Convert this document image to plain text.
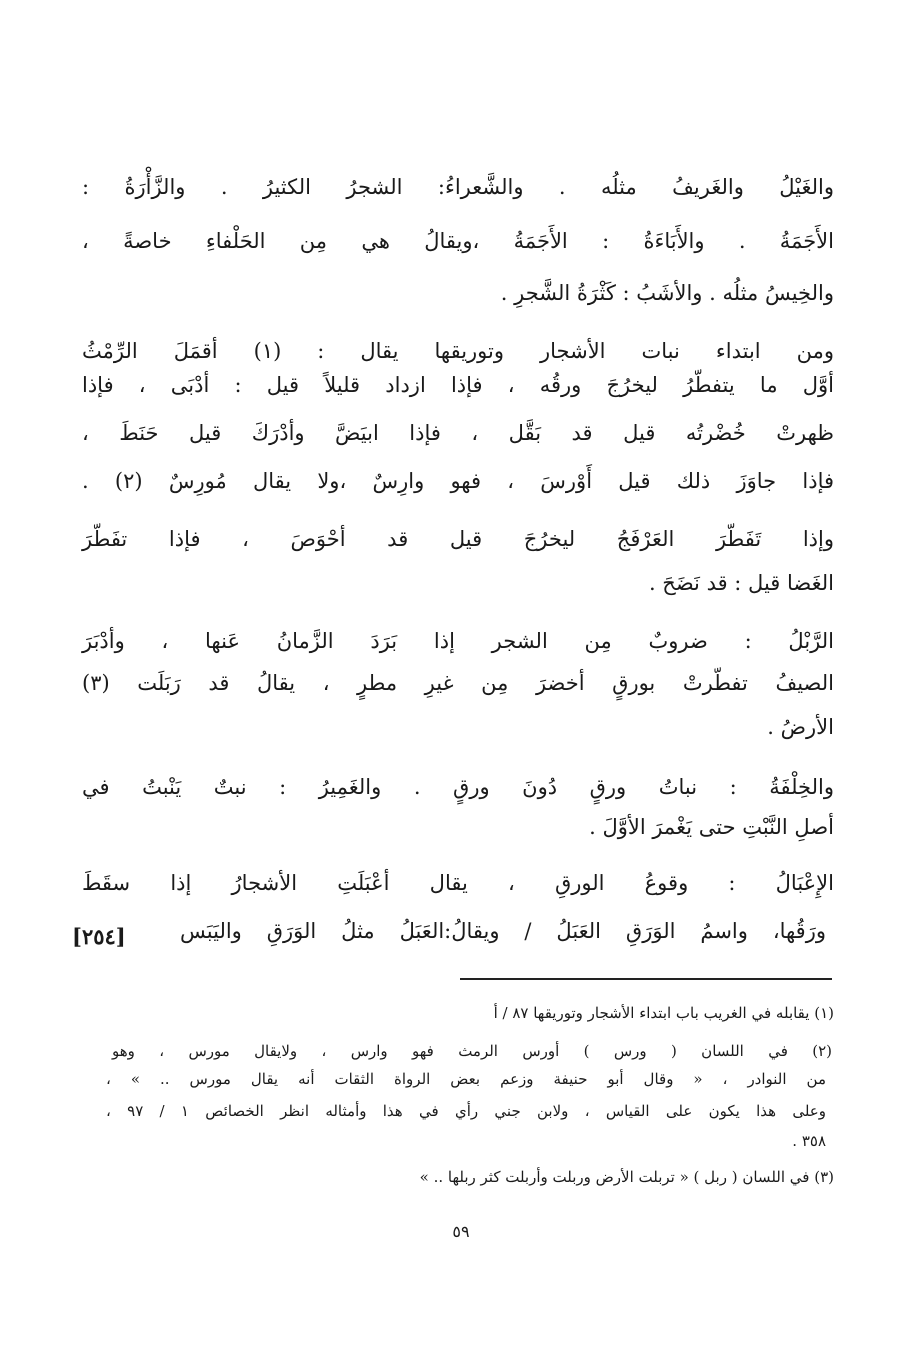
والغَيْلُ والغَريفُ مثلُه . والشَّعراءُ: الشجرُ الكثيرُ . والزَّأْرَةُ :
الأَجَمَةُ . والأَبَاءَةُ : الأَجَمَةُ ،ويقالُ هي مِن الحَلْفاءِ خاصةً ،
والخِيسُ مثلُه . والأشَبُ : كَثْرَةُ الشَّجرِ .
ومن ابتداء نبات الأشجار وتوريقها يقال : (١) أقمَلَ الرِّمْثُ
أوَّل ما يتفطّرُ ليخرُجَ ورقُه ، فإذا ازداد قليلاً قيل : أدْبَى ، فإذا
ظهرتْ خُضْرتُه قيل قد بَقَّل ، فإذا ابيَضَّ وأدْرَكَ قيل حَنَطَ ،
فإذا جاوَزَ ذلك قيل أَوْرسَ ، فهو وارِسٌ ،ولا يقال مُورِسٌ (٢) .
وإذا تَفَطّرَ العَرْفَجُ ليخرُجَ قيل قد أحْوَصَ ، فإذا تفَطّرَ
الغَضا قيل : قد نَضَحَ .
الرَّبْلُ : ضروبٌ مِن الشجر إذا بَرَدَ الزَّمانُ عَنها ، وأدْبَرَ
الصيفُ تفطّرتْ بورقٍ أخضرَ مِن غيرِ مطرٍ ، يقالُ قد رَبَلَت (٣)
الأرضُ .
والخِلْفَةُ : نباتُ ورقٍ دُونَ ورقٍ . والغَمِيرُ : نبتٌ يَنْبتُ في
أصلِ النَّبْتِ حتى يَغْمرَ الأوَّلَ .
الإِعْبَالُ : وقوعُ الورقِ ، يقال أعْبَلَتِ الأشجارُ إذا سقَطَ
ورَقُها، واسمُ الوَرَقِ العَبَلُ / ويقالُ:العَبَلُ مثلُ الوَرَقِ واليَبَس
[٢٥٤]
(١) يقابله في الغريب باب ابتداء الأشجار وتوريقها ٨٧ / أ
(٢) في اللسان ( ورس ) أورس الرمث فهو وارس ، ولايقال مورس ، وهو
من النوادر ، « وقال أبو حنيفة وزعم بعض الرواة الثقات أنه يقال مورس .. » ،
وعلى هذا يكون على القياس ، ولابن جني رأي في هذا وأمثاله انظر الخصائص ١ / ٩٧ ،
٣٥٨ .
(٣) في اللسان ( ربل ) « تربلت الأرض وربلت وأربلت كثر ربلها .. »
٥٩
